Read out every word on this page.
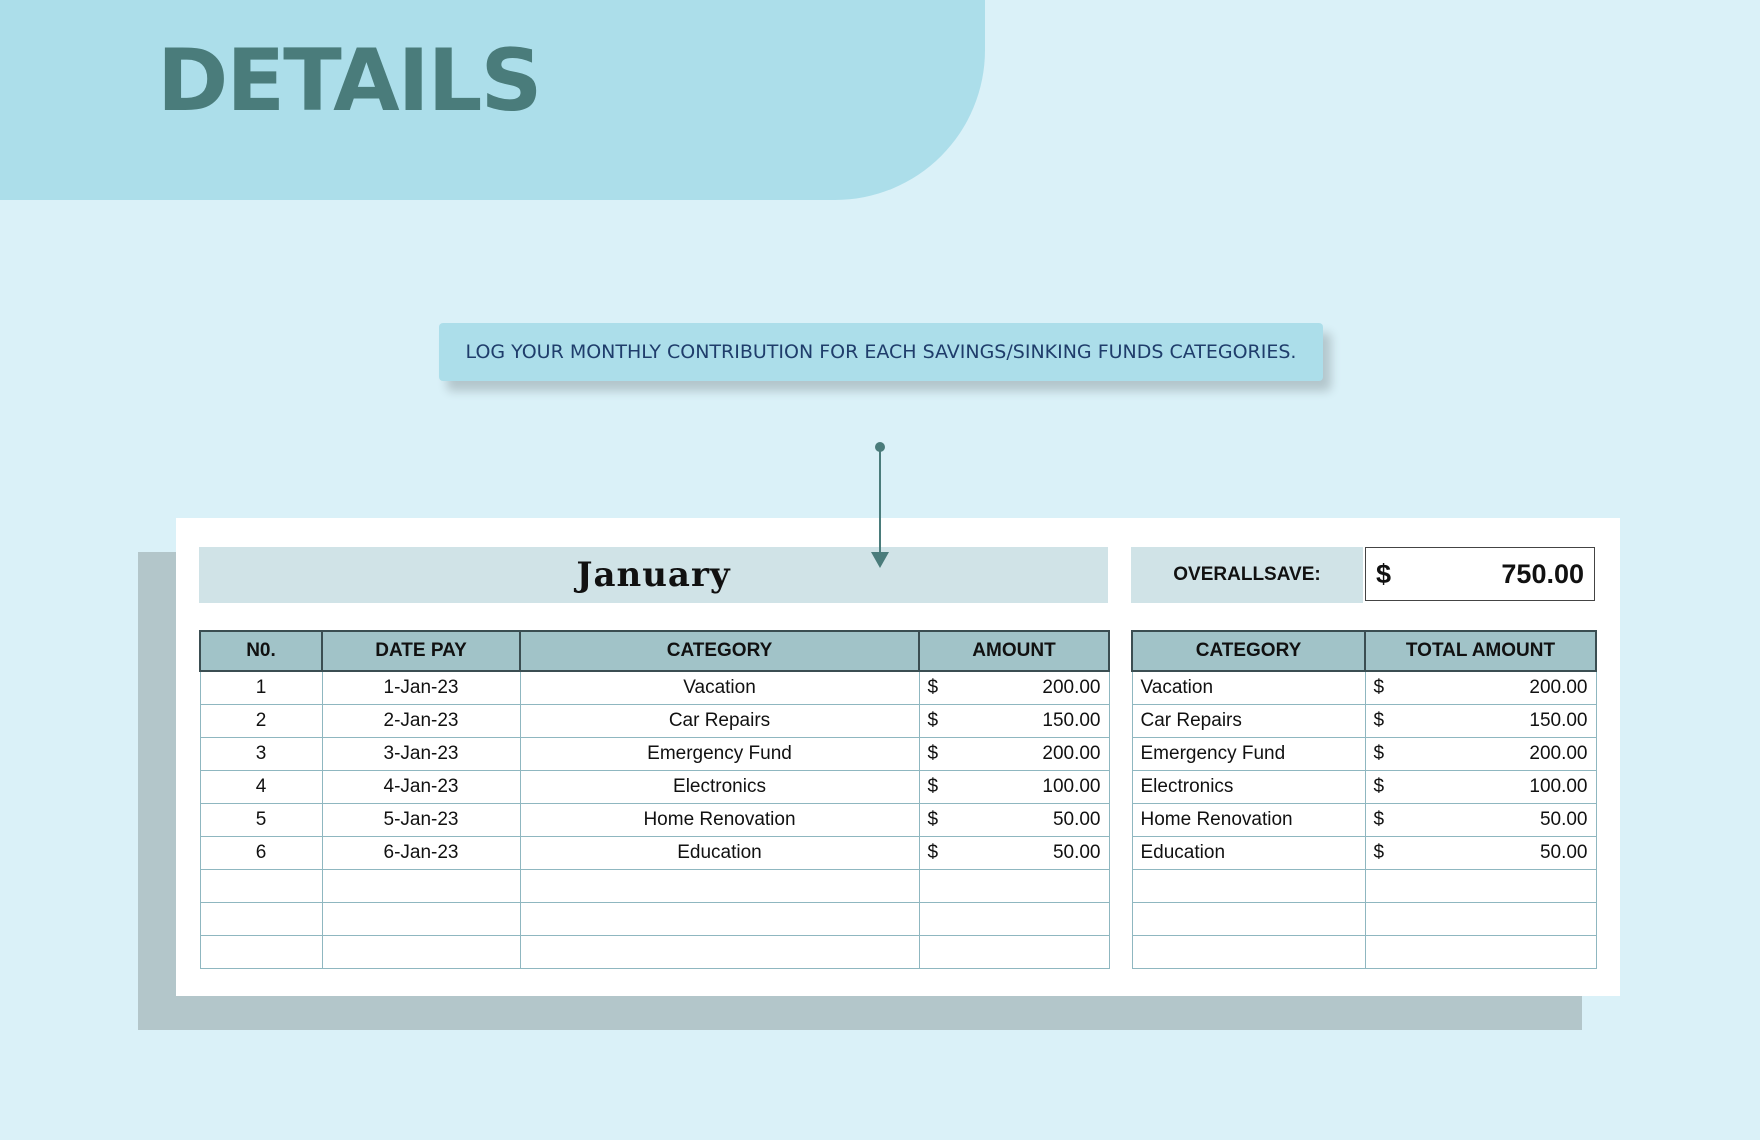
DETAILS
LOG YOUR MONTHLY CONTRIBUTION FOR EACH SAVINGS/SINKING FUNDS CATEGORIES.
January	OVERALLSAVE:	$	750.00
N0.	DATE PAY	CATEGORY	AMOUNT
1	1-Jan-23	Vacation	$ 200.00

2	2-Jan-23	Car Repairs	$ 150.00

3	3-Jan-23	Emergency Fund	$ 200.00

4	4-Jan-23	Electronics	$ 100.00

5	5-Jan-23	Home Renovation	$ 50.00

6	6-Jan-23	Education	$ 50.00

CATEGORY	TOTAL AMOUNT
Vacation	$ 200.00

Car Repairs	$ 150.00

Emergency Fund	$ 200.00

Electronics	$ 100.00

Home Renovation	$ 50.00

Education	$ 50.00
